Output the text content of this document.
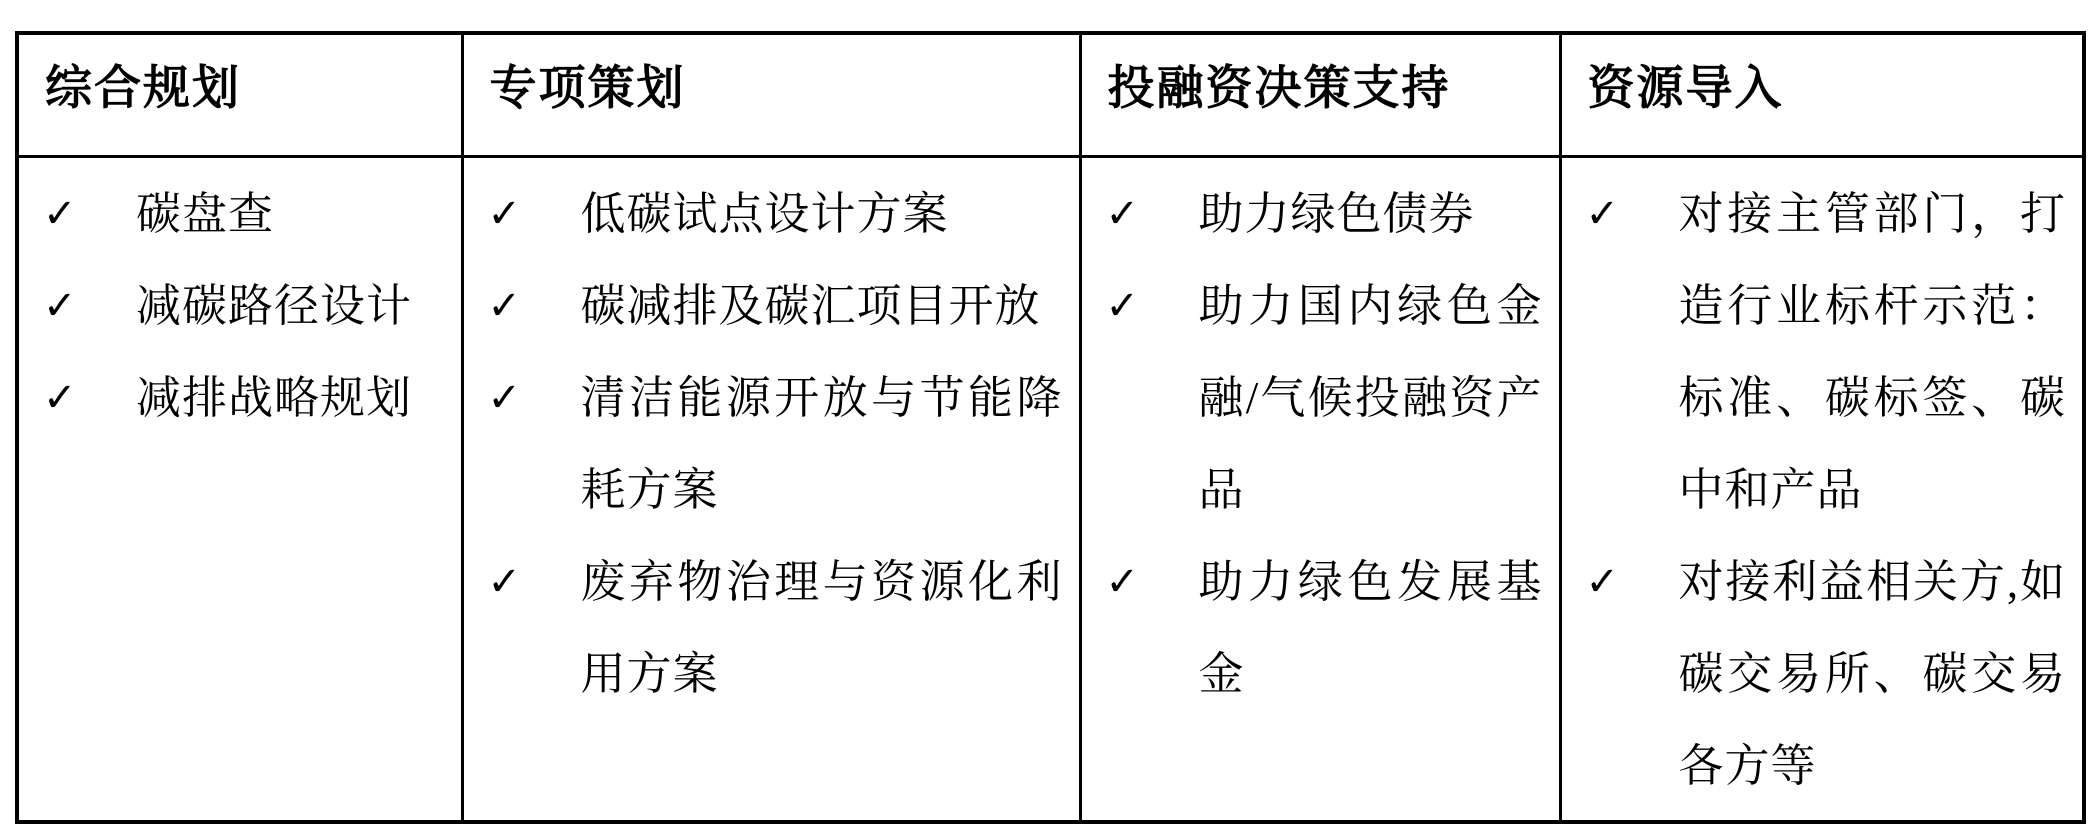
综合规划	专项策划	投融资决策支持	资源导入

✓	碳盘查
✓	减碳路径设计
✓	减排战略规划

✓	低碳试点设计方案
✓	碳减排及碳汇项目开放
✓	清洁能源开放与节能降耗方案
✓	废弃物治理与资源化利用方案

✓	助力绿色债券
✓	助力国内绿色金融/气候投融资产品
✓	助力绿色发展基金

✓	对接主管部门，打造行业标杆示范：标准、碳标签、碳中和产品
✓	对接利益相关方,如碳交易所、碳交易各方等
